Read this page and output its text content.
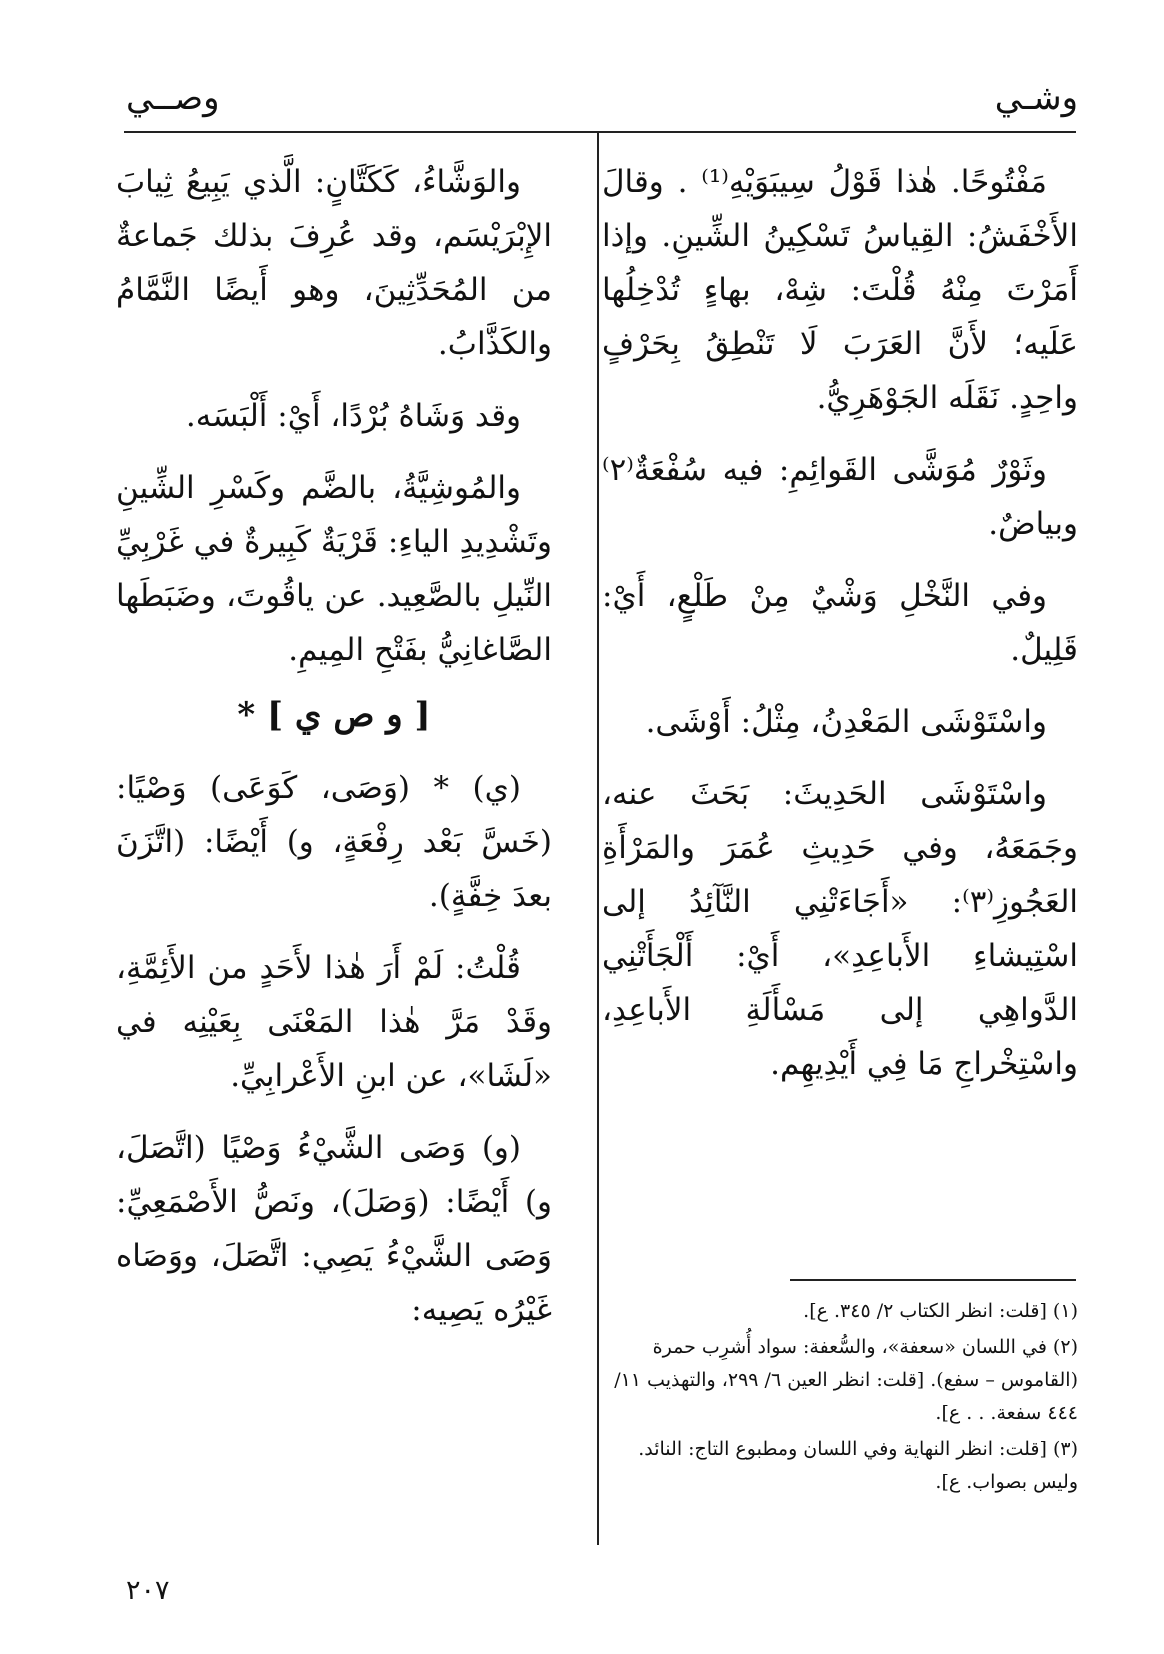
وشـي
وصــي

مَفْتُوحًا. هٰذا قَوْلُ سِيبَوَيْهِ⁽¹⁾ . وقالَ الأَخْفَشُ: القِياسُ تَسْكِينُ الشِّينِ. وإذا أَمَرْتَ مِنْهُ قُلْتَ: شِهْ، بهاءٍ تُدْخِلُها عَلَيه؛ لأَنَّ العَرَبَ لَا تَنْطِقُ بِحَرْفٍ واحِدٍ. نَقَلَه الجَوْهَرِيُّ.

وثَوْرٌ مُوَشَّى القَوائِمِ: فيه سُفْعَةٌ⁽٢⁾ وبياضٌ.

وفي النَّخْلِ وَشْيٌ مِنْ طَلْعٍ، أَيْ: قَلِيلٌ.

واسْتَوْشَى المَعْدِنُ، مِثْلُ: أَوْشَى.

واسْتَوْشَى الحَدِيثَ: بَحَثَ عنه، وجَمَعَهُ، وفي حَدِيثِ عُمَرَ والمَرْأَةِ العَجُوزِ⁽٣⁾: «أَجَاءَتْنِي النَّآئِدُ إلى اسْتِيشاءِ الأَباعِدِ»، أَيْ: أَلْجَأَتْنِي الدَّواهِي إلى مَسْأَلَةِ الأَباعِدِ، واسْتِخْراجِ مَا فِي أَيْدِيهِم.

والوَشَّاءُ، كَكَتَّانٍ: الَّذي يَبِيعُ ثِيابَ الإِبْرَيْسَم، وقد عُرِفَ بذلك جَماعةٌ من المُحَدِّثِينَ، وهو أَيضًا النَّمَّامُ والكَذَّابُ.

وقد وَشَاهُ بُرْدًا، أَيْ: أَلْبَسَه.

والمُوشِيَّةُ، بالضَّم وكَسْرِ الشِّينِ وتَشْدِيدِ الياءِ: قَرْيَةٌ كَبِيرةٌ في غَرْبِيِّ النِّيلِ بالصَّعِيد. عن ياقُوتَ، وضَبَطَها الصَّاغانِيُّ بفَتْحِ المِيمِ.

[ و ص ي ] *

(ي) * (وَصَى، كَوَعَى) وَصْيًا: (خَسَّ بَعْد رِفْعَةٍ، و) أَيْضًا: (اتَّزَنَ بعدَ خِفَّةٍ).

قُلْتُ: لَمْ أَرَ هٰذا لأَحَدٍ من الأَئِمَّةِ، وقَدْ مَرَّ هٰذا المَعْنَى بِعَيْنِه في «لَشَا»، عن ابنِ الأَعْرابِيِّ.

(و) وَصَى الشَّيْءُ وَصْيًا (اتَّصَلَ، و) أَيْضًا: (وَصَلَ)، ونَصُّ الأَصْمَعِيِّ: وَصَى الشَّيْءُ يَصِي: اتَّصَلَ، ووَصَاه غَيْرُه يَصِيه:	(١) [قلت: انظر الكتاب ٢/ ٣٤٥. ع].
(٢) في اللسان «سعفة»، والسُّعفة: سواد أُشرِب حمرة (القاموس – سفع). [قلت: انظر العين ٦/ ٢٩٩، والتهذيب ١١/ ٤٤٤ سفعة. . . ع].
(٣) [قلت: انظر النهاية وفي اللسان ومطبوع التاج: النائد. وليس بصواب. ع].
٢٠٧
